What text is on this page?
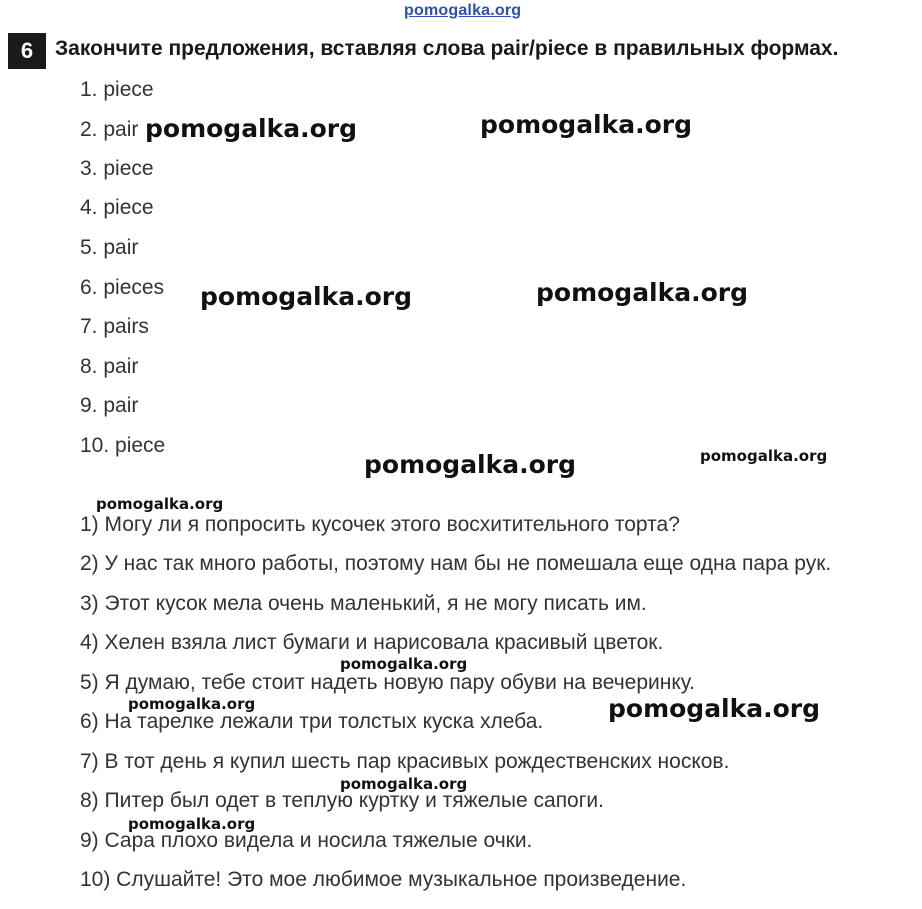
pomogalka.org
6	Закончите предложения, вставляя слова pair/piece в правильных формах.
1. piece
2. pair
3. piece
4. piece
5. pair
6. pieces
7. pairs
8. pair
9. pair
10. piece
1) Могу ли я попросить кусочек этого восхитительного торта?
2) У нас так много работы, поэтому нам бы не помешала еще одна пара рук.
3) Этот кусок мела очень маленький, я не могу писать им.
4) Хелен взяла лист бумаги и нарисовала красивый цветок.
5) Я думаю, тебе стоит надеть новую пару обуви на вечеринку.
6) На тарелке лежали три толстых куска хлеба.
7) В тот день я купил шесть пар красивых рождественских носков.
8) Питер был одет в теплую куртку и тяжелые сапоги.
9) Сара плохо видела и носила тяжелые очки.
10) Слушайте! Это мое любимое музыкальное произведение.
pomogalka.org	pomogalka.org
pomogalka.org	pomogalka.org
pomogalka.org	pomogalka.org
pomogalka.org
pomogalka.org
pomogalka.org	pomogalka.org
pomogalka.org
pomogalka.org
